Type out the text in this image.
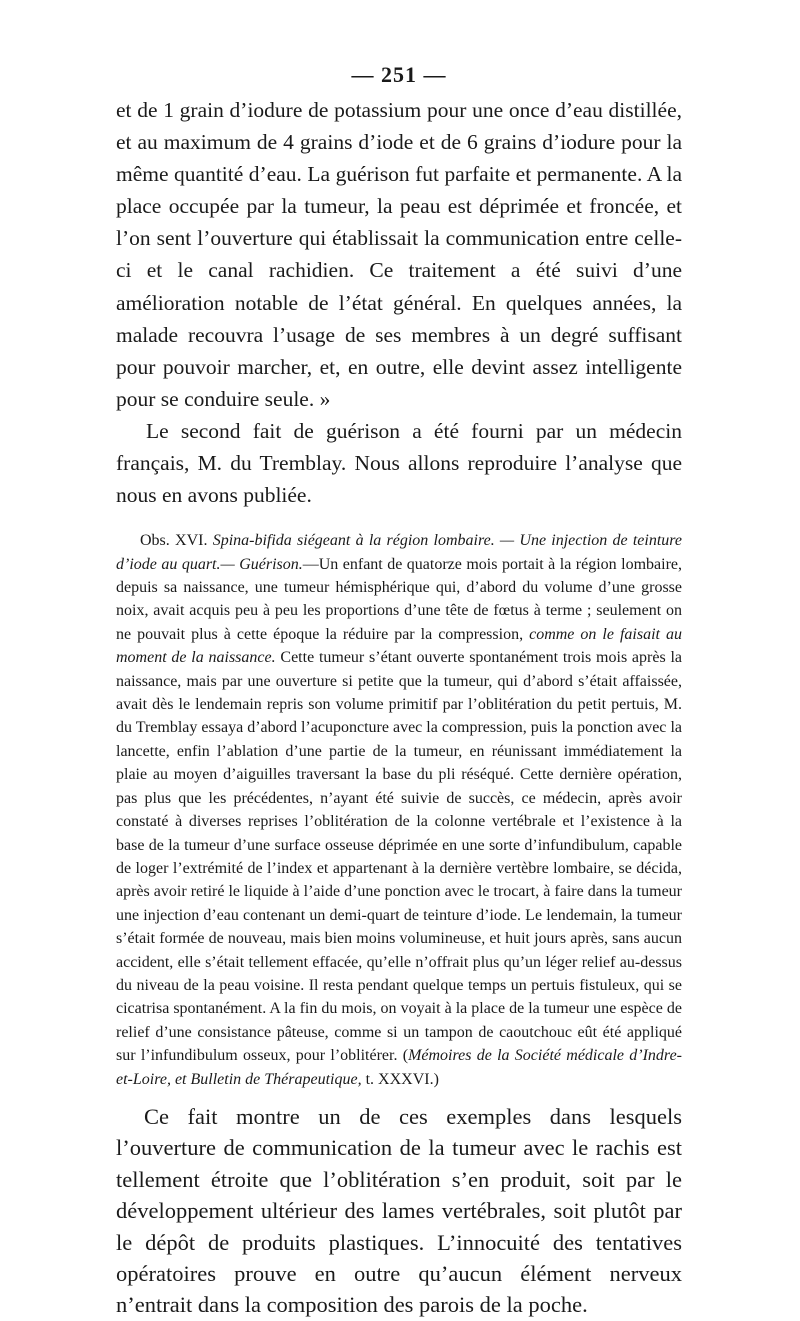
— 251 —

et de 1 grain d’iodure de potassium pour une once d’eau distillée, et au maximum de 4 grains d’iode et de 6 grains d’iodure pour la même quantité d’eau. La guérison fut parfaite et permanente. A la place occupée par la tumeur, la peau est déprimée et froncée, et l’on sent l’ouverture qui établissait la communication entre celle-ci et le canal rachidien. Ce traitement a été suivi d’une amélioration notable de l’état général. En quelques années, la malade recouvra l’usage de ses membres à un degré suffisant pour pouvoir marcher, et, en outre, elle devint assez intelligente pour se conduire seule. »

Le second fait de guérison a été fourni par un médecin français, M. du Tremblay. Nous allons reproduire l’analyse que nous en avons publiée.

Obs. XVI. Spina-bifida siégeant à la région lombaire. — Une injection de teinture d’iode au quart.— Guérison.—Un enfant de quatorze mois portait à la région lombaire, depuis sa naissance, une tumeur hémisphérique qui, d’abord du volume d’une grosse noix, avait acquis peu à peu les proportions d’une tête de fœtus à terme ; seulement on ne pouvait plus à cette époque la réduire par la compression, comme on le faisait au moment de la naissance. Cette tumeur s’étant ouverte spontanément trois mois après la naissance, mais par une ouverture si petite que la tumeur, qui d’abord s’était affaissée, avait dès le lendemain repris son volume primitif par l’oblitération du petit pertuis, M. du Tremblay essaya d’abord l’acuponcture avec la compression, puis la ponction avec la lancette, enfin l’ablation d’une partie de la tumeur, en réunissant immédiatement la plaie au moyen d’aiguilles traversant la base du pli réséqué. Cette dernière opération, pas plus que les précédentes, n’ayant été suivie de succès, ce médecin, après avoir constaté à diverses reprises l’oblitération de la colonne vertébrale et l’existence à la base de la tumeur d’une surface osseuse déprimée en une sorte d’infundibulum, capable de loger l’extrémité de l’index et appartenant à la dernière vertèbre lombaire, se décida, après avoir retiré le liquide à l’aide d’une ponction avec le trocart, à faire dans la tumeur une injection d’eau contenant un demi-quart de teinture d’iode. Le lendemain, la tumeur s’était formée de nouveau, mais bien moins volumineuse, et huit jours après, sans aucun accident, elle s’était tellement effacée, qu’elle n’offrait plus qu’un léger relief au-dessus du niveau de la peau voisine. Il resta pendant quelque temps un pertuis fistuleux, qui se cicatrisa spontanément. A la fin du mois, on voyait à la place de la tumeur une espèce de relief d’une consistance pâteuse, comme si un tampon de caoutchouc eût été appliqué sur l’infundibulum osseux, pour l’oblitérer. (Mémoires de la Société médicale d’Indre-et-Loire, et Bulletin de Thérapeutique, t. XXXVI.)

Ce fait montre un de ces exemples dans lesquels l’ouverture de communication de la tumeur avec le rachis est tellement étroite que l’oblitération s’en produit, soit par le développement ultérieur des lames vertébrales, soit plutôt par le dépôt de produits plastiques. L’innocuité des tentatives opératoires prouve en outre qu’aucun élément nerveux n’entrait dans la composition des parois de la poche.
